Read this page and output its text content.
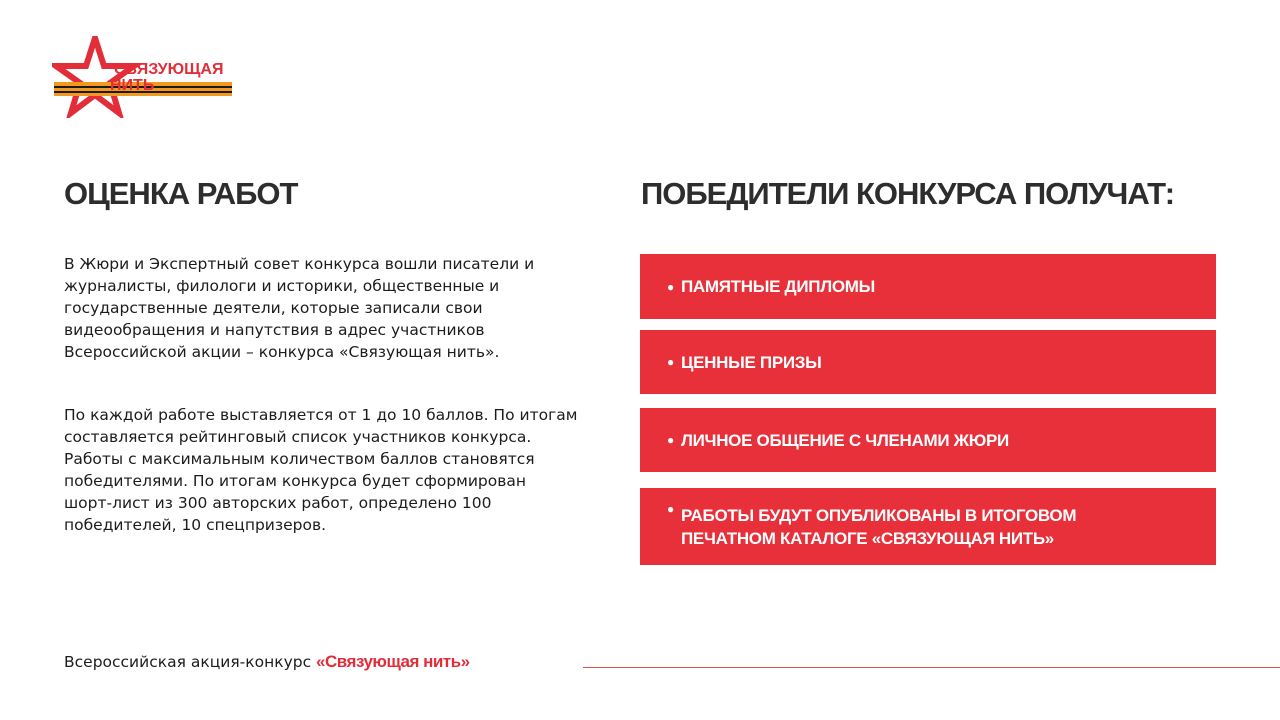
СВЯЗУЮЩАЯ
НИТЬ
ОЦЕНКА РАБОТ

В Жюри и Экспертный совет конкурса вошли писатели и журналисты, филологи и историки, общественные и государственные деятели, которые записали свои видеообращения и напутствия в адрес участников Всероссийской акции – конкурса «Связующая нить».

По каждой работе выставляется от 1 до 10 баллов. По итогам составляется рейтинговый список участников конкурса. Работы с максимальным количеством баллов становятся победителями. По итогам конкурса будет сформирован шорт-лист из 300 авторских работ, определено 100 победителей, 10 спецпризеров.

ПОБЕДИТЕЛИ КОНКУРСА ПОЛУЧАТ:
● ПАМЯТНЫЕ ДИПЛОМЫ
● ЦЕННЫЕ ПРИЗЫ
● ЛИЧНОЕ ОБЩЕНИЕ С ЧЛЕНАМИ ЖЮРИ
● РАБОТЫ БУДУТ ОПУБЛИКОВАНЫ В ИТОГОВОМ ПЕЧАТНОМ КАТАЛОГЕ «СВЯЗУЮЩАЯ НИТЬ»
Всероссийская акция-конкурс «Связующая нить»
